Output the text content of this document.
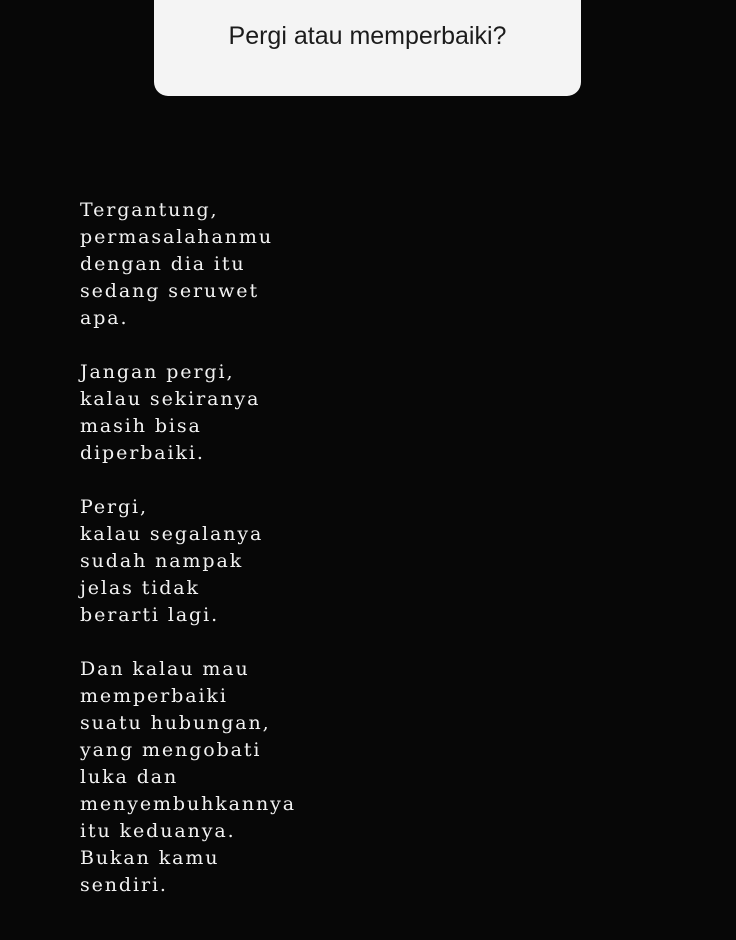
Pergi atau memperbaiki?
Tergantung,
permasalahanmu
dengan dia itu
sedang seruwet
apa.
Jangan pergi,
kalau sekiranya
masih bisa
diperbaiki.
Pergi,
kalau segalanya
sudah nampak
jelas tidak
berarti lagi.
Dan kalau mau
memperbaiki
suatu hubungan,
yang mengobati
luka dan
menyembuhkannya
itu keduanya.
Bukan kamu
sendiri.
